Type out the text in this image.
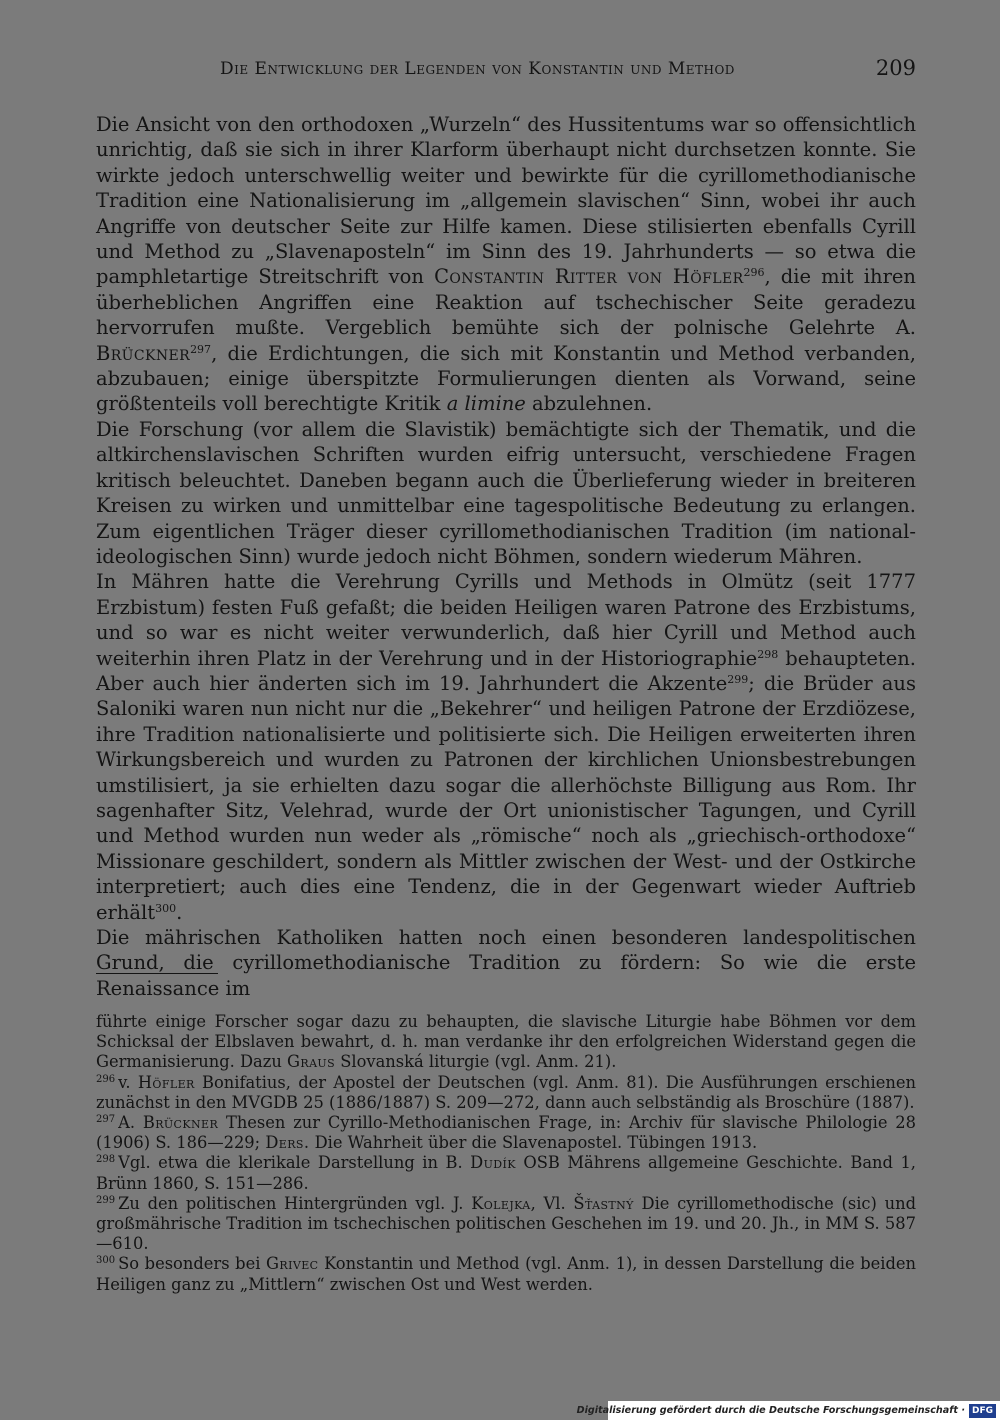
Die Entwicklung der Legenden von Konstantin und Method	209

Die Ansicht von den orthodoxen „Wurzeln“ des Hussitentums war so offensichtlich unrichtig, daß sie sich in ihrer Klarform überhaupt nicht durchsetzen konnte. Sie wirkte jedoch unterschwellig weiter und bewirkte für die cyrillomethodianische Tradition eine Nationalisierung im „allgemein slavischen“ Sinn, wobei ihr auch Angriffe von deutscher Seite zur Hilfe kamen. Diese stilisierten ebenfalls Cyrill und Method zu „Slavenaposteln“ im Sinn des 19. Jahrhunderts — so etwa die pamphletartige Streitschrift von Constantin Ritter von Höfler$^{296}$, die mit ihren überheblichen Angriffen eine Reaktion auf tschechischer Seite geradezu hervorrufen mußte. Vergeblich bemühte sich der polnische Gelehrte A. Brückner$^{297}$, die Erdichtungen, die sich mit Konstantin und Method verbanden, abzubauen; einige überspitzte Formulierungen dienten als Vorwand, seine größtenteils voll berechtigte Kritik a limine abzulehnen.

Die Forschung (vor allem die Slavistik) bemächtigte sich der Thematik, und die altkirchenslavischen Schriften wurden eifrig untersucht, verschiedene Fragen kritisch beleuchtet. Daneben begann auch die Überlieferung wieder in breiteren Kreisen zu wirken und unmittelbar eine tagespolitische Bedeutung zu erlangen. Zum eigentlichen Träger dieser cyrillomethodianischen Tradition (im national-ideologischen Sinn) wurde jedoch nicht Böhmen, sondern wiederum Mähren.

In Mähren hatte die Verehrung Cyrills und Methods in Olmütz (seit 1777 Erzbistum) festen Fuß gefaßt; die beiden Heiligen waren Patrone des Erzbistums, und so war es nicht weiter verwunderlich, daß hier Cyrill und Method auch weiterhin ihren Platz in der Verehrung und in der Historiographie$^{298}$ behaupteten. Aber auch hier änderten sich im 19. Jahrhundert die Akzente$^{299}$; die Brüder aus Saloniki waren nun nicht nur die „Bekehrer“ und heiligen Patrone der Erzdiözese, ihre Tradition nationalisierte und politisierte sich. Die Heiligen erweiterten ihren Wirkungsbereich und wurden zu Patronen der kirchlichen Unionsbestrebungen umstilisiert, ja sie erhielten dazu sogar die allerhöchste Billigung aus Rom. Ihr sagenhafter Sitz, Velehrad, wurde der Ort unionistischer Tagungen, und Cyrill und Method wurden nun weder als „römische“ noch als „griechisch-orthodoxe“ Missionare geschildert, sondern als Mittler zwischen der West- und der Ostkirche interpretiert; auch dies eine Tendenz, die in der Gegenwart wieder Auftrieb erhält$^{300}$.

Die mährischen Katholiken hatten noch einen besonderen landespolitischen Grund, die cyrillomethodianische Tradition zu fördern: So wie die erste Renaissance im

führte einige Forscher sogar dazu zu behaupten, die slavische Liturgie habe Böhmen vor dem Schicksal der Elbslaven bewahrt, d. h. man verdanke ihr den erfolgreichen Widerstand gegen die Germanisierung. Dazu Graus Slovanská liturgie (vgl. Anm. 21).

$^{296}$ v. Höfler Bonifatius, der Apostel der Deutschen (vgl. Anm. 81). Die Ausführungen erschienen zunächst in den MVGDB 25 (1886/1887) S. 209—272, dann auch selbständig als Broschüre (1887).

$^{297}$ A. Brückner Thesen zur Cyrillo-Methodianischen Frage, in: Archiv für slavische Philologie 28 (1906) S. 186—229; Ders. Die Wahrheit über die Slavenapostel. Tübingen 1913.

$^{298}$ Vgl. etwa die klerikale Darstellung in B. Dudík OSB Mährens allgemeine Geschichte. Band 1, Brünn 1860, S. 151—286.

$^{299}$ Zu den politischen Hintergründen vgl. J. Kolejka, Vl. Šťastný Die cyrillomethodische (sic) und großmährische Tradition im tschechischen politischen Geschehen im 19. und 20. Jh., in MM S. 587—610.

$^{300}$ So besonders bei Grivec Konstantin und Method (vgl. Anm. 1), in dessen Darstellung die beiden Heiligen ganz zu „Mittlern“ zwischen Ost und West werden.

Digitalisierung gefördert durch die Deutsche Forschungsgemeinschaft · DFG
